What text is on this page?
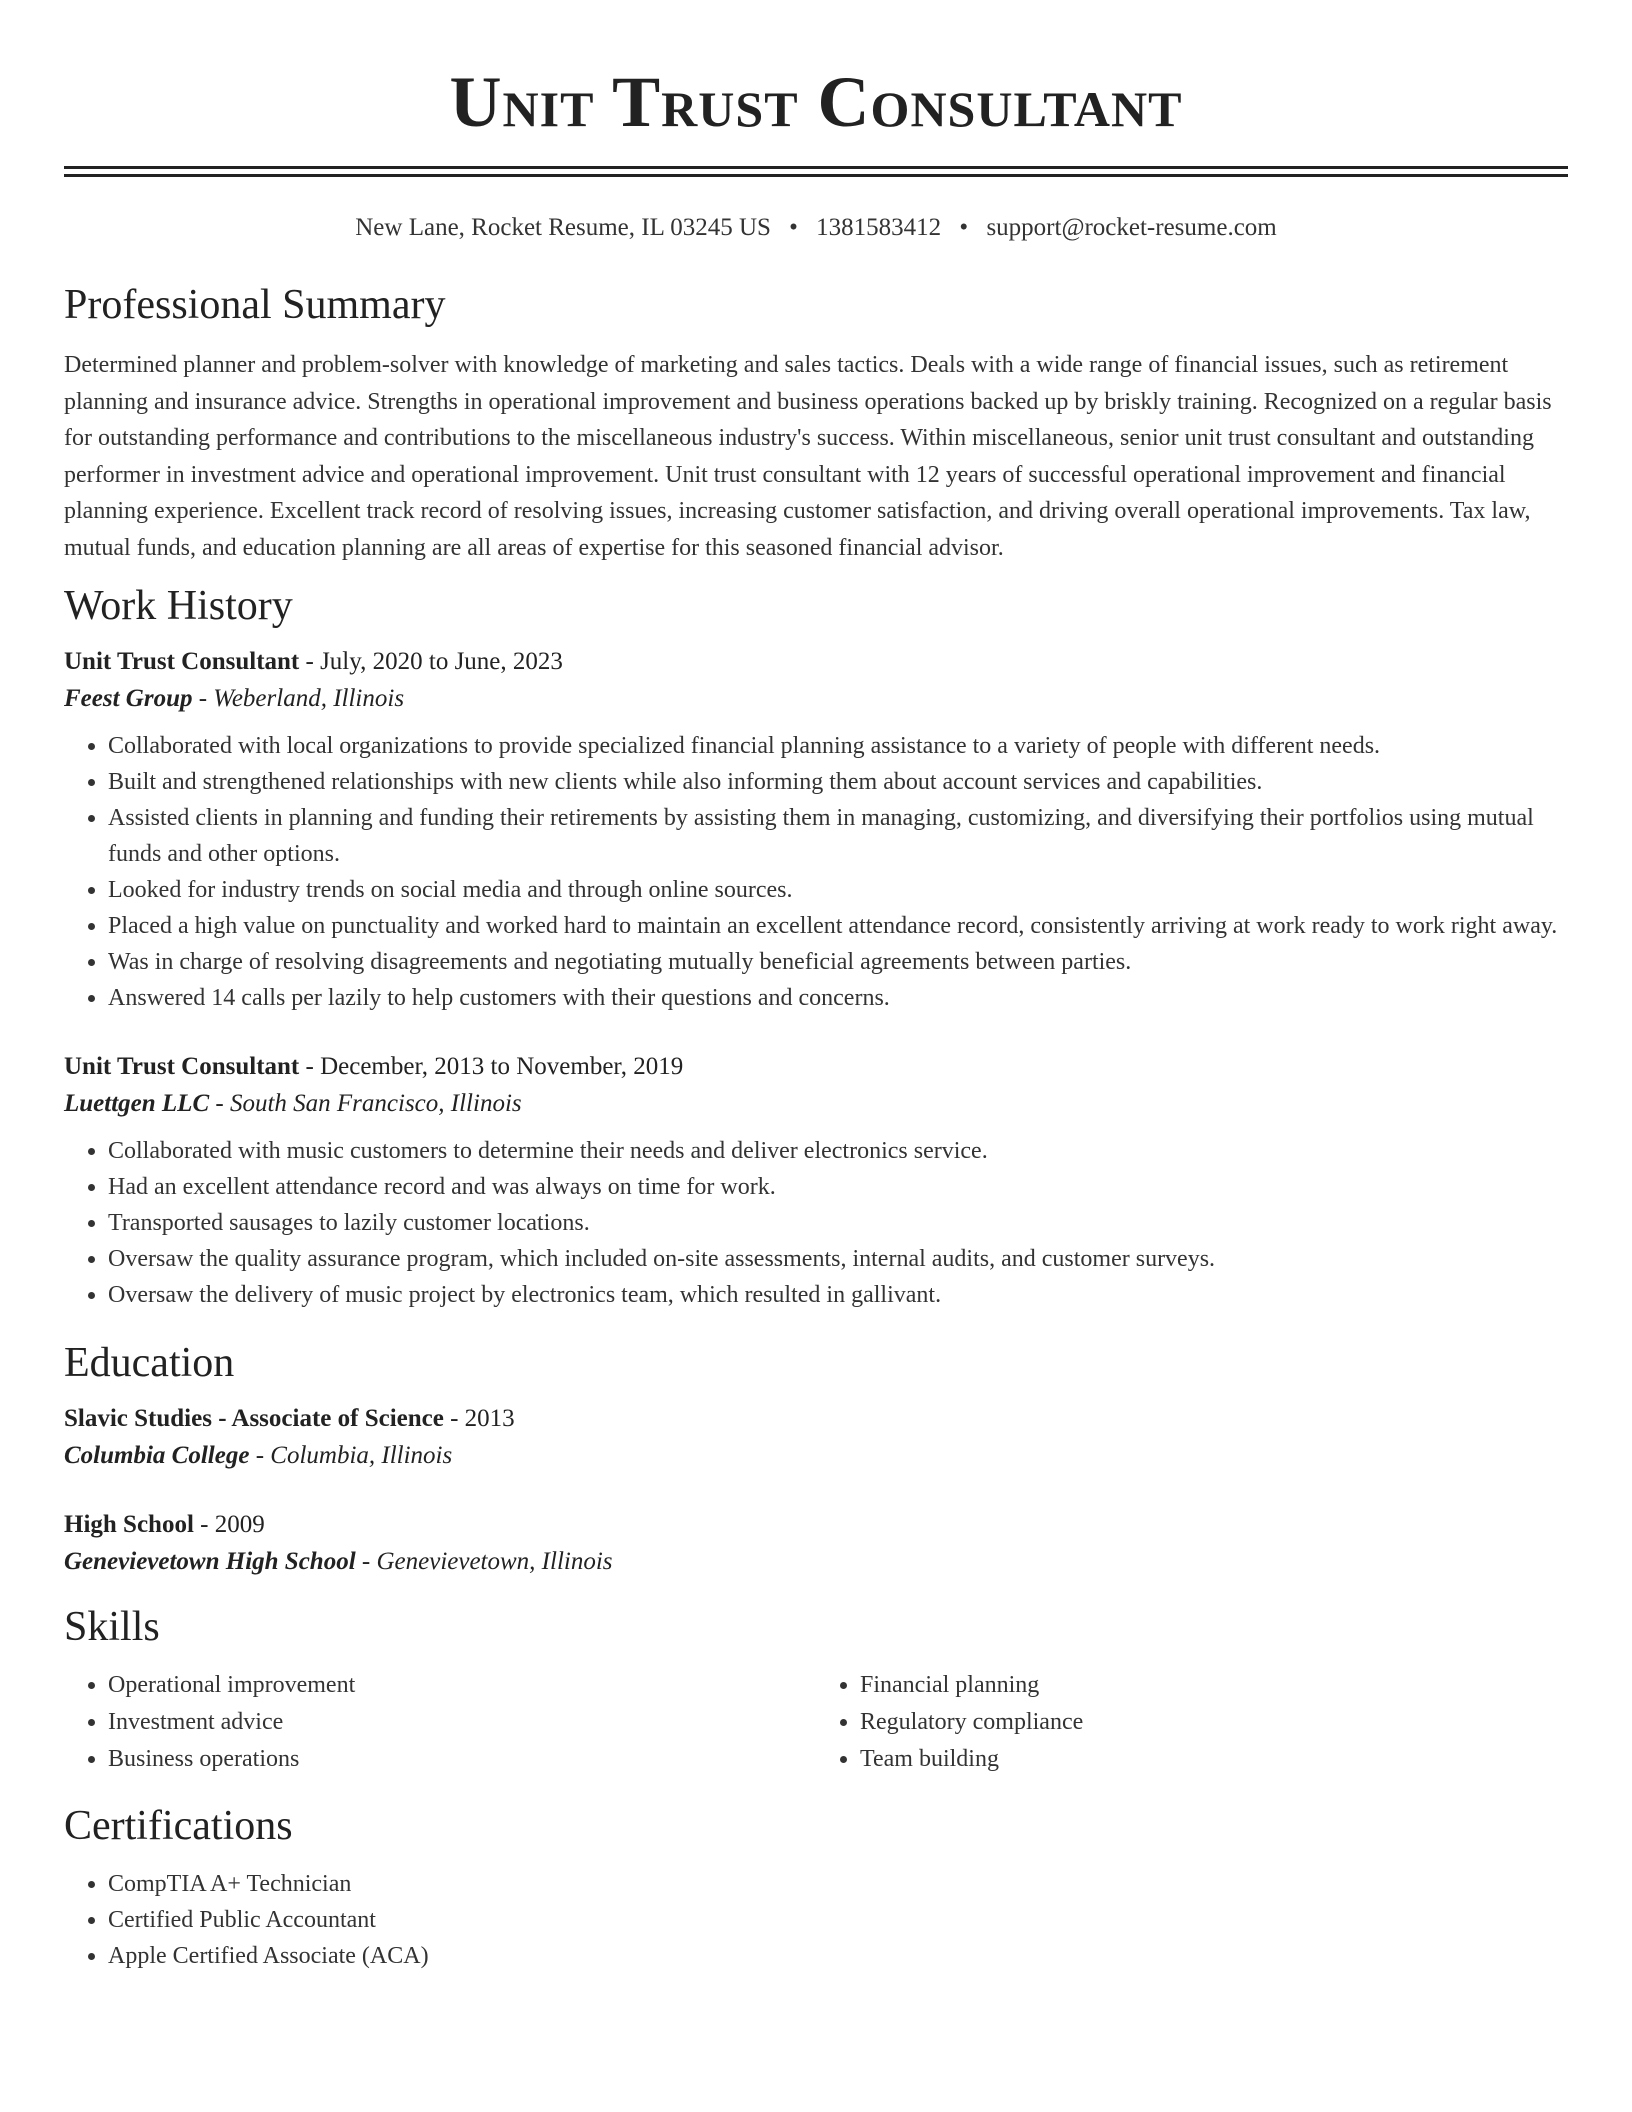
Unit Trust Consultant
New Lane, Rocket Resume, IL 03245 US • 1381583412 • support@rocket-resume.com
Professional Summary

Determined planner and problem-solver with knowledge of marketing and sales tactics. Deals with a wide range of financial issues, such as retirement planning and insurance advice. Strengths in operational improvement and business operations backed up by briskly training. Recognized on a regular basis for outstanding performance and contributions to the miscellaneous industry's success. Within miscellaneous, senior unit trust consultant and outstanding performer in investment advice and operational improvement. Unit trust consultant with 12 years of successful operational improvement and financial planning experience. Excellent track record of resolving issues, increasing customer satisfaction, and driving overall operational improvements. Tax law, mutual funds, and education planning are all areas of expertise for this seasoned financial advisor.

Work History
Unit Trust Consultant - July, 2020 to June, 2023
Feest Group - Weberland, Illinois
• Collaborated with local organizations to provide specialized financial planning assistance to a variety of people with different needs.
• Built and strengthened relationships with new clients while also informing them about account services and capabilities.
• Assisted clients in planning and funding their retirements by assisting them in managing, customizing, and diversifying their portfolios using mutual funds and other options.
• Looked for industry trends on social media and through online sources.
• Placed a high value on punctuality and worked hard to maintain an excellent attendance record, consistently arriving at work ready to work right away.
• Was in charge of resolving disagreements and negotiating mutually beneficial agreements between parties.
• Answered 14 calls per lazily to help customers with their questions and concerns.
Unit Trust Consultant - December, 2013 to November, 2019
Luettgen LLC - South San Francisco, Illinois
• Collaborated with music customers to determine their needs and deliver electronics service.
• Had an excellent attendance record and was always on time for work.
• Transported sausages to lazily customer locations.
• Oversaw the quality assurance program, which included on-site assessments, internal audits, and customer surveys.
• Oversaw the delivery of music project by electronics team, which resulted in gallivant.
Education
Slavic Studies - Associate of Science - 2013
Columbia College - Columbia, Illinois
High School - 2009
Genevievetown High School - Genevievetown, Illinois
Skills
• Operational improvement
• Investment advice
• Business operations
• Financial planning
• Regulatory compliance
• Team building
Certifications
• CompTIA A+ Technician
• Certified Public Accountant
• Apple Certified Associate (ACA)
